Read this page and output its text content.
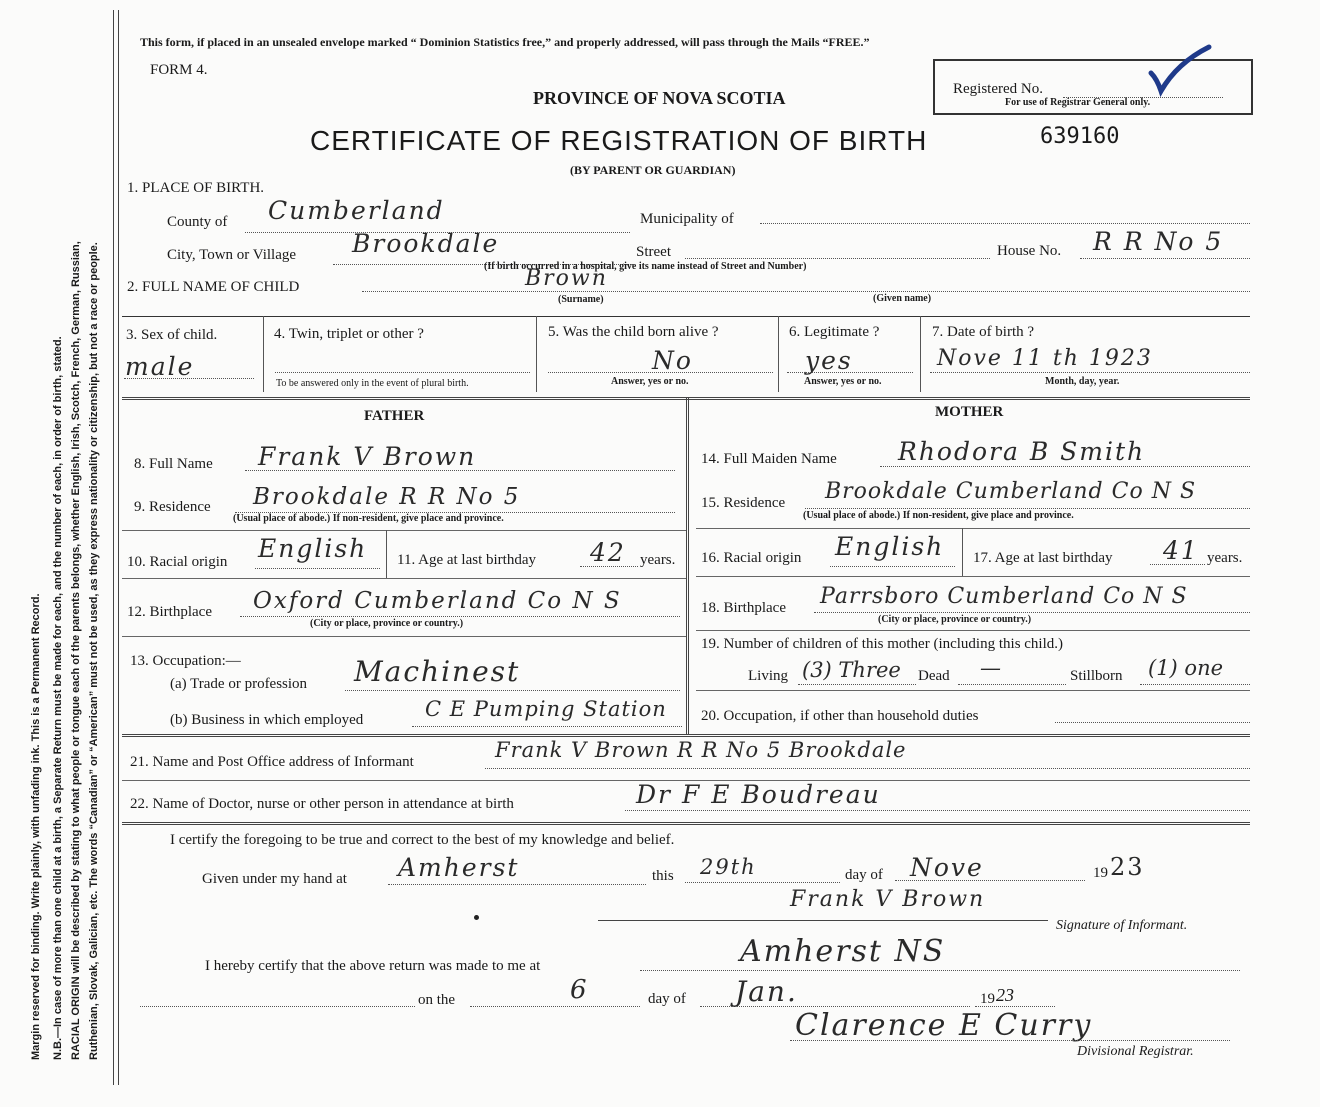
Margin reserved for binding. Write plainly, with unfading ink. This is a Permanent Record. N.B.—In case of more than one child at a birth, a Separate Return must be made for each, and the number of each, in order of birth, stated. RACIAL ORIGIN will be described by stating to what people or tongue each of the parents belongs, whether English, Irish, Scotch, French, German, Russian, Ruthenian, Slovak, Galician, etc. The words “Canadian” or “American” must not be used, as they express nationality or citizenship, but not a race or people.
This form, if placed in an unsealed envelope marked “ Dominion Statistics free,” and properly addressed, will pass through the Mails “FREE.”
FORM 4.
PROVINCE OF NOVA SCOTIA
CERTIFICATE OF REGISTRATION OF BIRTH
(BY PARENT OR GUARDIAN)
Registered No.
For use of Registrar General only.
639160
1. PLACE OF BIRTH.
County of Cumberland	Municipality of
City, Town or Village Brookdale	Street
(If birth occurred in a hospital, give its name instead of Street and Number)
House No. R R No 5
2. FULL NAME OF CHILD	Brown
(Surname)	(Given name)
3. Sex of child.
male
4. Twin, triplet or other ?
To be answered only in the event of plural birth.
5. Was the child born alive ?
No
Answer, yes or no.
6. Legitimate ?
yes
Answer, yes or no.
7. Date of birth ?
Nove 11 th 1923
Month, day, year.
FATHER
8. Full Name Frank V Brown
9. Residence Brookdale R R No 5
(Usual place of abode.) If non-resident, give place and province.
10. Racial origin English 11. Age at last birthday 42 years.
12. Birthplace Oxford Cumberland Co N S
(City or place, province or country.)
13. Occupation:—
(a) Trade or profession Machinest
(b) Business in which employed	C E Pumping Station
MOTHER
14. Full Maiden Name Rhodora B Smith
15. Residence Brookdale Cumberland Co N S
(Usual place of abode.) If non-resident, give place and province.
16. Racial origin English 17. Age at last birthday 41 years.
18. Birthplace Parrsboro Cumberland Co N S
(City or place, province or country.)
19. Number of children of this mother (including this child.)
Living (3) Three Dead —	Stillborn (1) one
20. Occupation, if other than household duties
21. Name and Post Office address of Informant	Frank V Brown R R No 5 Brookdale
22. Name of Doctor, nurse or other person in attendance at birth	Dr F E Boudreau
I certify the foregoing to be true and correct to the best of my knowledge and belief.
Given under my hand at Amherst	this 29th	day of Nove	19 23
Frank V Brown
Signature of Informant.
I hereby certify that the above return was made to me at	Amherst NS
on the	6	day of Jan.	19 23
Clarence E Curry
Divisional Registrar.
